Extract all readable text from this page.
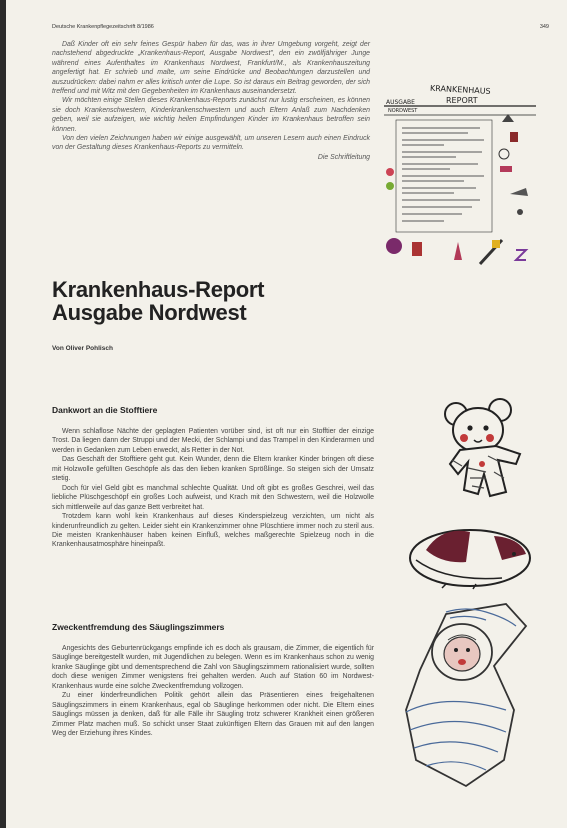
Deutsche Krankenpflegezeitschrift 8/1986	349

Daß Kinder oft ein sehr feines Gespür haben für das, was in ihrer Umgebung vorgeht, zeigt der nachstehend abgedruckte „Krankenhaus-Report, Ausgabe Nordwest", den ein zwölfjähriger Junge während eines Aufenthaltes im Krankenhaus Nordwest, Frankfurt/M., als Krankenhauszeitung angefertigt hat. Er schrieb und malte, um seine Eindrücke und Beobachtungen darzustellen und auszudrücken: dabei nahm er alles kritisch unter die Lupe. So ist daraus ein Beitrag geworden, der sich treffend und mit Witz mit den Gegebenheiten im Krankenhaus auseinandersetzt.

Wir möchten einige Stellen dieses Krankenhaus-Reports zunächst nur lustig erscheinen, es können sie doch Krankenschwestern, Kinderkrankenschwestern und auch Eltern Anlaß zum Nachdenken geben, weil sie aufzeigen, wie wichtig heilen Empfindungen Kinder im Krankenhaus betroffen sein können.

Von den vielen Zeichnungen haben wir einige ausgewählt, um unseren Lesern auch einen Eindruck von der Gestaltung dieses Krankenhaus-Reports zu vermitteln.

Die Schriftleitung

KRANKENHAUS
REPORT
AUSGABE
NORDWEST
Krankenhaus-Report
Ausgabe Nordwest
Von Oliver Pohlisch
Dankwort an die Stofftiere

Wenn schlaflose Nächte der geplagten Patienten vorüber sind, ist oft nur ein Stofftier der einzige Trost. Da liegen dann der Struppi und der Mecki, der Schlampi und das Trampel in den Kinderarmen und werden in Gedanken zum Leben erweckt, als Retter in der Not.

Das Geschäft der Stofftiere geht gut. Kein Wunder, denn die Eltern kranker Kinder bringen oft diese mit Holzwolle gefüllten Geschöpfe als das den lieben kranken Sprößlinge. So steigen sich der Umsatz stetig.

Doch für viel Geld gibt es manchmal schlechte Qualität. Und oft gibt es großes Geschrei, weil das liebliche Plüschgeschöpf ein großes Loch aufweist, und Krach mit den Schwestern, weil die Holzwolle sich mittlerweile auf das ganze Bett verbreitet hat.

Trotzdem kann wohl kein Krankenhaus auf dieses Kinderspielzeug verzichten, um nicht als kinderunfreundlich zu gelten. Leider sieht ein Krankenzimmer ohne Plüschtiere immer noch zu steril aus. Die meisten Krankenhäuser haben keinen Einfluß, welches maßgerechte Spielzeug noch in die Krankenhausatmosphäre hineinpaßt.

Zweckentfremdung des Säuglingszimmers

Angesichts des Geburtenrückgangs empfinde ich es doch als grausam, die Zimmer, die eigentlich für Säuglinge bereitgestellt wurden, mit Jugendlichen zu belegen. Wenn es im Krankenhaus schon zu wenig kranke Säuglinge gibt und dementsprechend die Zahl von Säuglingszimmern rationalisiert wurde, sollten doch diese wenigen Zimmer wenigstens frei gehalten werden. Auch auf Station 60 im Nordwest-Krankenhaus wurde eine solche Zweckentfremdung vollzogen.

Zu einer kinderfreundlichen Politik gehört allein das Präsentieren eines freigehaltenen Säuglingszimmers in einem Krankenhaus, egal ob Säuglinge herkommen oder nicht. Die Eltern eines Säuglings müssen ja denken, daß für alle Fälle ihr Säugling trotz schwerer Krankheit einen größeren Zimmer Platz machen muß. So schickt unser Staat zukünftigen Eltern das Grauen mit auf den langen Weg der Erziehung ihres Kindes.
